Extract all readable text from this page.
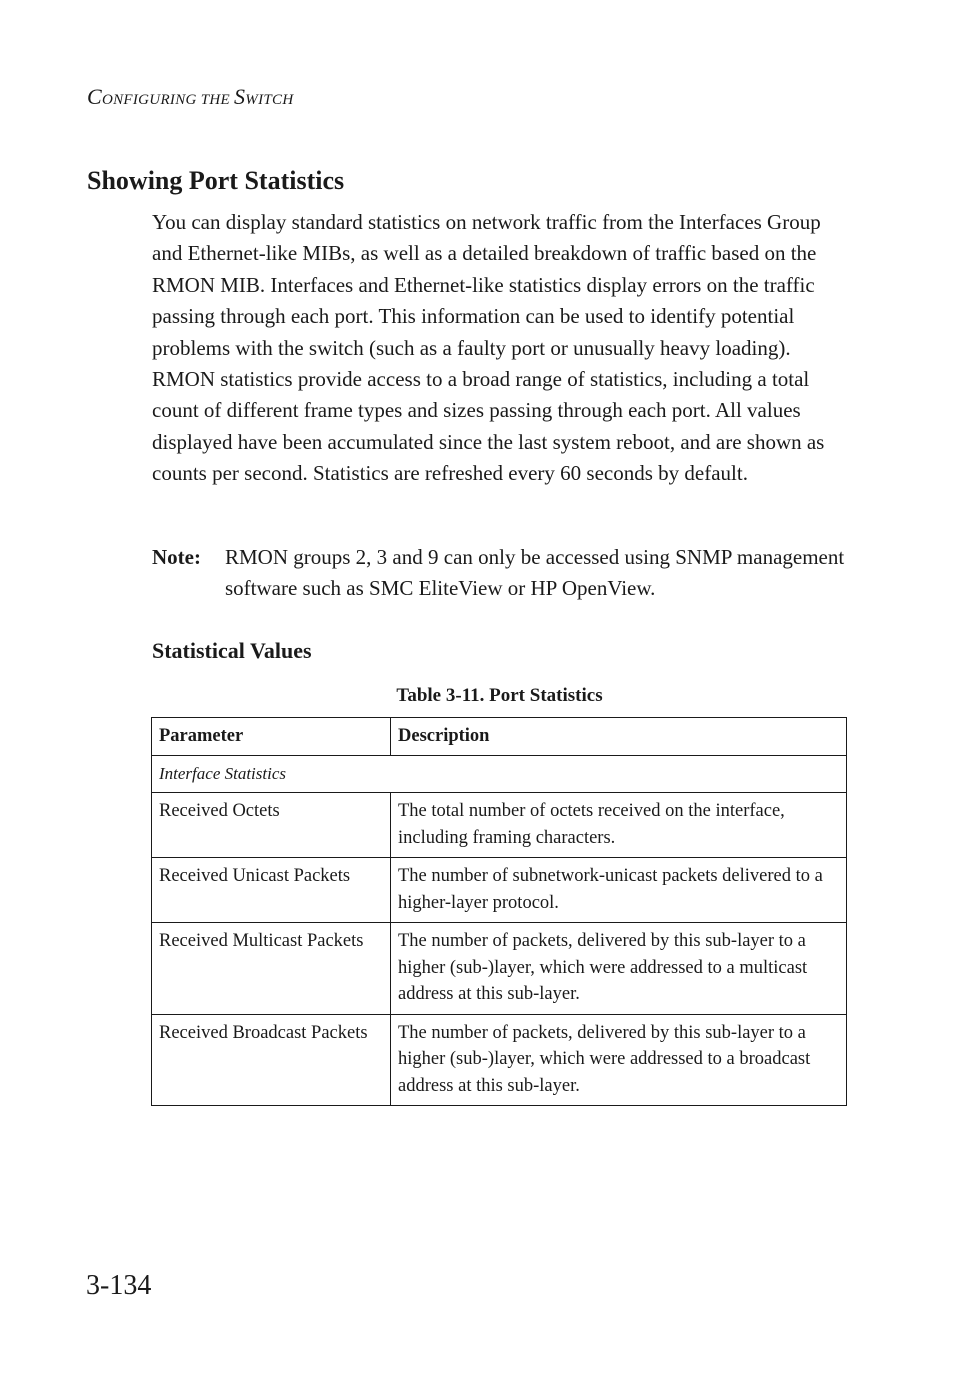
CONFIGURING THE SWITCH
Showing Port Statistics

You can display standard statistics on network traffic from the Interfaces Group and Ethernet-like MIBs, as well as a detailed breakdown of traffic based on the RMON MIB. Interfaces and Ethernet-like statistics display errors on the traffic passing through each port. This information can be used to identify potential problems with the switch (such as a faulty port or unusually heavy loading). RMON statistics provide access to a broad range of statistics, including a total count of different frame types and sizes passing through each port. All values displayed have been accumulated since the last system reboot, and are shown as counts per second. Statistics are refreshed every 60 seconds by default.

Note: RMON groups 2, 3 and 9 can only be accessed using SNMP management software such as SMC EliteView or HP OpenView.
Statistical Values
Table 3-11. Port Statistics
Parameter	Description
Interface Statistics	
Received Octets	The total number of octets received on the interface, including framing characters.
Received Unicast Packets	The number of subnetwork-unicast packets delivered to a higher-layer protocol.
Received Multicast Packets	The number of packets, delivered by this sub-layer to a higher (sub-)layer, which were addressed to a multicast address at this sub-layer.
Received Broadcast Packets	The number of packets, delivered by this sub-layer to a higher (sub-)layer, which were addressed to a broadcast address at this sub-layer.
3-134
